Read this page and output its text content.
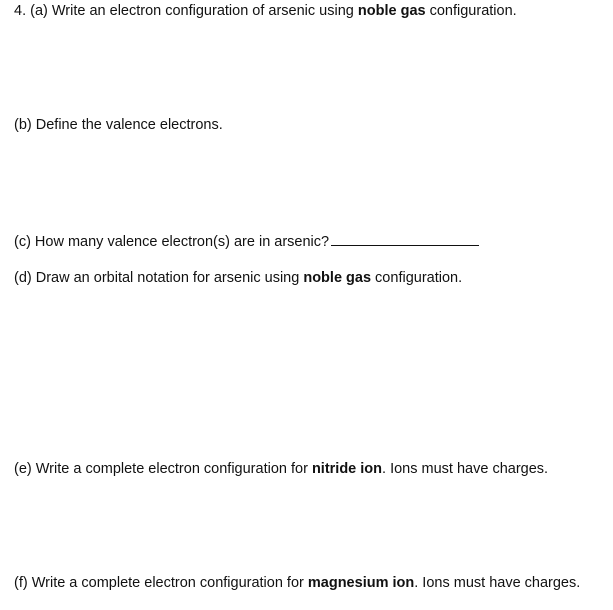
4. (a) Write an electron configuration of arsenic using noble gas configuration.
(b) Define the valence electrons.
(c) How many valence electron(s) are in arsenic?
(d) Draw an orbital notation for arsenic using noble gas configuration.
(e) Write a complete electron configuration for nitride ion. Ions must have charges.
(f) Write a complete electron configuration for magnesium ion. Ions must have charges.
